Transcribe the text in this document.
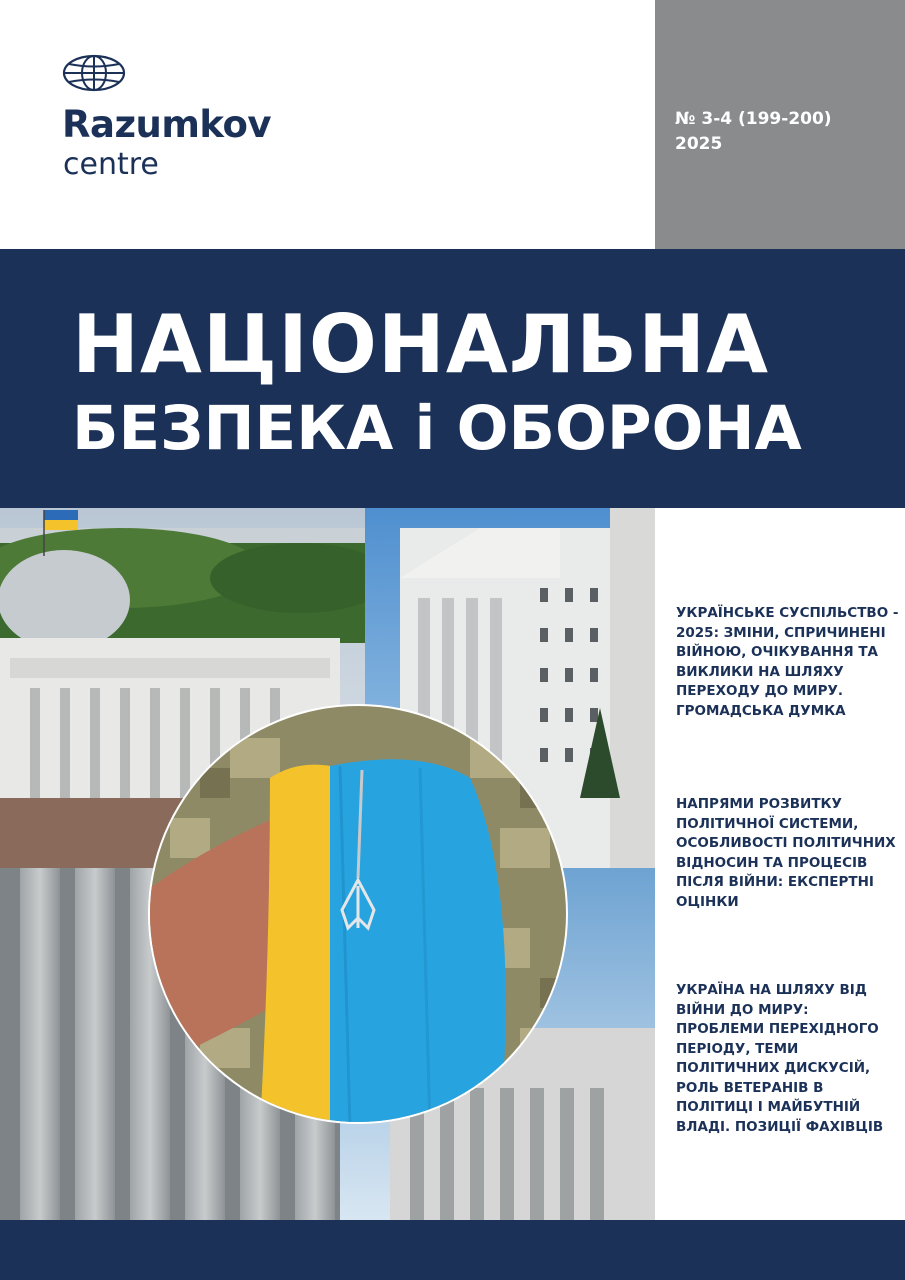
Razumkov
centre
№ 3-4 (199-200)
2025
НАЦІОНАЛЬНА
БЕЗПЕКА і ОБОРОНА
УКРАЇНСЬКЕ СУСПІЛЬСТВО - 2025: ЗМІНИ, СПРИЧИНЕНІ ВІЙНОЮ, ОЧІКУВАННЯ ТА ВИКЛИКИ НА ШЛЯХУ ПЕРЕХОДУ ДО МИРУ. ГРОМАДСЬКА ДУМКА
НАПРЯМИ РОЗВИТКУ ПОЛІТИЧНОЇ СИСТЕМИ, ОСОБЛИВОСТІ ПОЛІТИЧНИХ ВІДНОСИН ТА ПРОЦЕСІВ ПІСЛЯ ВІЙНИ: ЕКСПЕРТНІ ОЦІНКИ
УКРАЇНА НА ШЛЯХУ ВІД ВІЙНИ ДО МИРУ: ПРОБЛЕМИ ПЕРЕХІДНОГО ПЕРІОДУ, ТЕМИ ПОЛІТИЧНИХ ДИСКУСІЙ, РОЛЬ ВЕТЕРАНІВ В ПОЛІТИЦІ І МАЙБУТНІЙ ВЛАДІ. ПОЗИЦІЇ ФАХІВЦІВ
